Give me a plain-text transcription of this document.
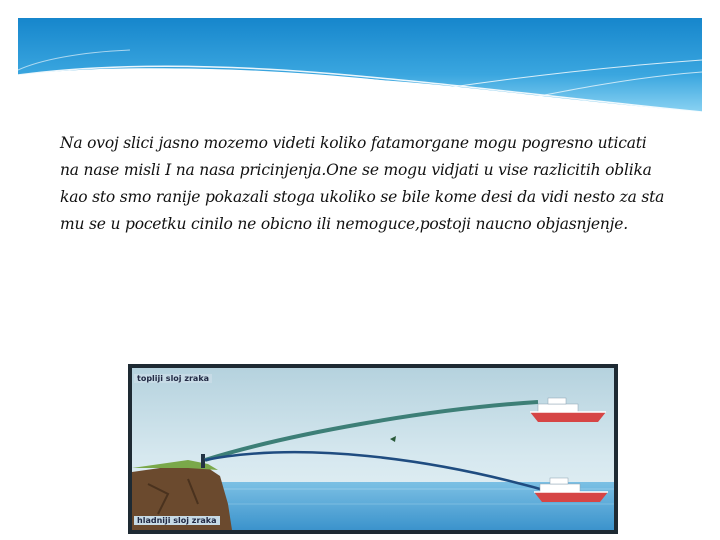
Na ovoj slici jasno mozemo videti koliko fatamorgane mogu pogresno uticati
na nase misli I na nasa pricinjenja.One se mogu vidjati u vise razlicitih oblika
kao sto smo ranije pokazali stoga ukoliko se bile kome desi da vidi nesto za sta
mu se u pocetku cinilo ne obicno ili nemoguce,postoji naucno objasnjenje.
topliji sloj zraka
hladniji sloj zraka
